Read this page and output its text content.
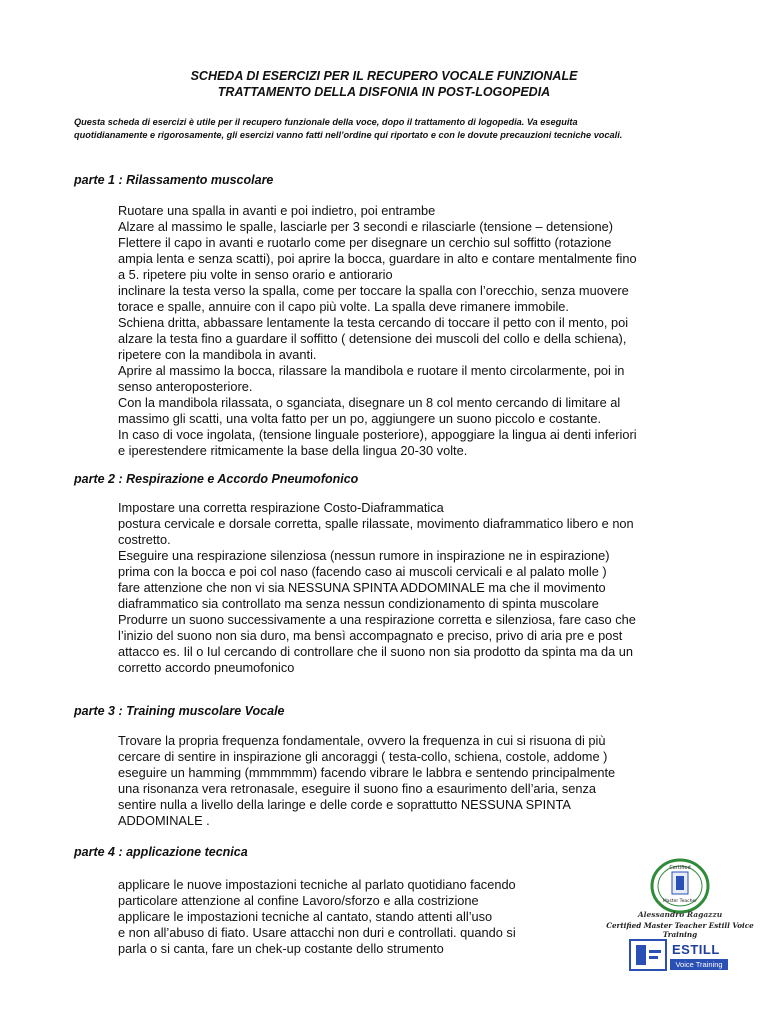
SCHEDA DI ESERCIZI PER IL RECUPERO VOCALE FUNZIONALE
TRATTAMENTO DELLA DISFONIA IN POST-LOGOPEDIA
Questa scheda di esercizi è utile per il recupero funzionale della voce, dopo il trattamento di logopedia. Va eseguita
quotidianamente e rigorosamente, gli esercizi vanno fatti nell’ordine qui riportato e con le dovute precauzioni tecniche vocali.
parte 1 : Rilassamento muscolare
Ruotare una spalla in avanti e poi indietro, poi entrambe
Alzare al massimo le spalle, lasciarle per 3 secondi e rilasciarle (tensione – detensione)
Flettere il capo in avanti e ruotarlo come per disegnare un cerchio sul soffitto (rotazione
ampia lenta e senza scatti), poi aprire la bocca, guardare in alto e contare mentalmente fino
a 5. ripetere piu volte in senso orario e antiorario
inclinare la testa verso la spalla, come per toccare la spalla con l’orecchio, senza muovere
torace e spalle, annuire con il capo più volte. La spalla deve rimanere immobile.
Schiena dritta, abbassare lentamente la testa cercando di toccare il petto con il mento, poi
alzare la testa fino a guardare il soffitto ( detensione dei muscoli del collo e della schiena),
ripetere con la mandibola in avanti.
Aprire al massimo la bocca, rilassare la mandibola e ruotare il mento circolarmente, poi in
senso anteroposteriore.
Con la mandibola rilassata, o sganciata, disegnare un 8 col mento cercando di limitare al
massimo gli scatti, una volta fatto per un po, aggiungere un suono piccolo e costante.
In caso di voce ingolata, (tensione linguale posteriore), appoggiare la lingua ai denti inferiori
e iperestendere ritmicamente la base della lingua 20-30 volte.
parte 2 : Respirazione e Accordo Pneumofonico
Impostare una corretta respirazione Costo-Diaframmatica
postura cervicale e dorsale corretta, spalle rilassate, movimento diaframmatico libero e non
costretto.
Eseguire una respirazione silenziosa (nessun rumore in inspirazione ne in espirazione)
prima con la bocca e poi col naso (facendo caso ai muscoli cervicali e al palato molle )
fare attenzione che non vi sia NESSUNA SPINTA ADDOMINALE ma che il movimento
diaframmatico sia controllato ma senza nessun condizionamento di spinta muscolare
Produrre un suono successivamente a una respirazione corretta e silenziosa, fare caso che
l’inizio del suono non sia duro, ma bensì accompagnato e preciso, privo di aria pre e post
attacco es. Iil o Iul cercando di controllare che il suono non sia prodotto da spinta ma da un
corretto accordo pneumofonico
parte 3 : Training muscolare Vocale
Trovare la propria frequenza fondamentale, ovvero la frequenza in cui si risuona di più
cercare di sentire in inspirazione gli ancoraggi ( testa-collo, schiena, costole, addome )
eseguire un hamming (mmmmmm) facendo vibrare le labbra e sentendo principalmente
una risonanza vera retronasale, eseguire il suono fino a esaurimento dell’aria, senza
sentire nulla a livello della laringe e delle corde e soprattutto NESSUNA SPINTA
ADDOMINALE .
parte 4 : applicazione tecnica
applicare le nuove impostazioni tecniche al parlato quotidiano facendo
particolare attenzione al confine Lavoro/sforzo e alla costrizione
applicare le impostazioni tecniche al cantato, stando attenti all’uso
e non all’abuso di fiato. Usare attacchi non duri e controllati. quando si
parla o si canta, fare un chek-up costante dello strumento
Certified
Master Teacher
Alessandro Ragazzu
Certified Master Teacher Estill Voice Training
ESTILL
Voice Training
